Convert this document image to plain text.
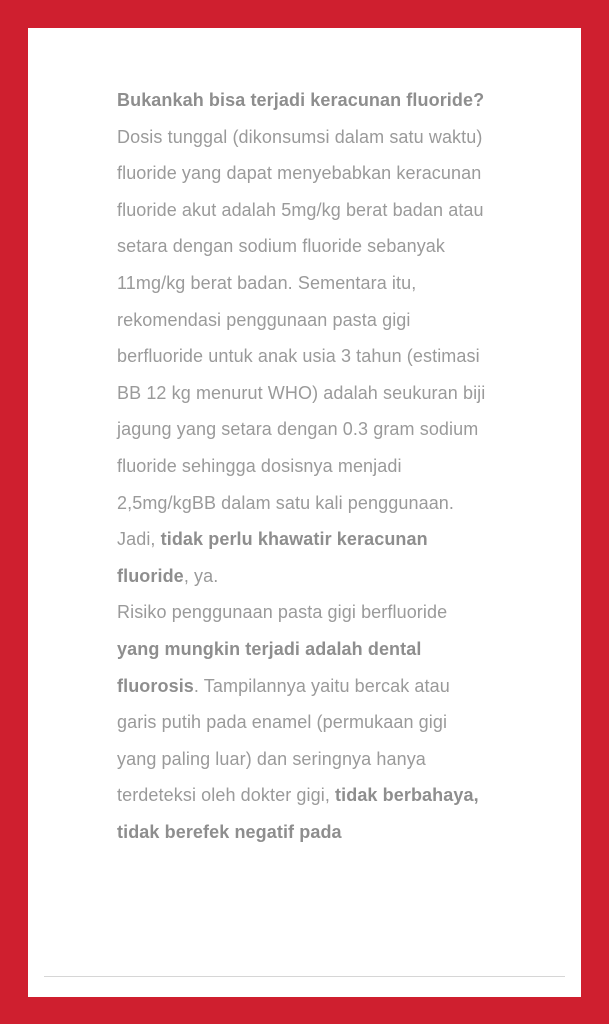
Bukankah bisa terjadi keracunan fluoride?
Dosis tunggal (dikonsumsi dalam satu waktu) fluoride yang dapat menyebabkan keracunan fluoride akut adalah 5mg/kg berat badan atau setara dengan sodium fluoride sebanyak 11mg/kg berat badan. Sementara itu, rekomendasi penggunaan pasta gigi berfluoride untuk anak usia 3 tahun (estimasi BB 12 kg menurut WHO) adalah seukuran biji jagung yang setara dengan 0.3 gram sodium fluoride sehingga dosisnya menjadi 2,5mg/kgBB dalam satu kali penggunaan. Jadi, tidak perlu khawatir keracunan fluoride, ya.
Risiko penggunaan pasta gigi berfluoride yang mungkin terjadi adalah dental fluorosis. Tampilannya yaitu bercak atau garis putih pada enamel (permukaan gigi yang paling luar) dan seringnya hanya terdeteksi oleh dokter gigi, tidak berbahaya, tidak berefek negatif pada
